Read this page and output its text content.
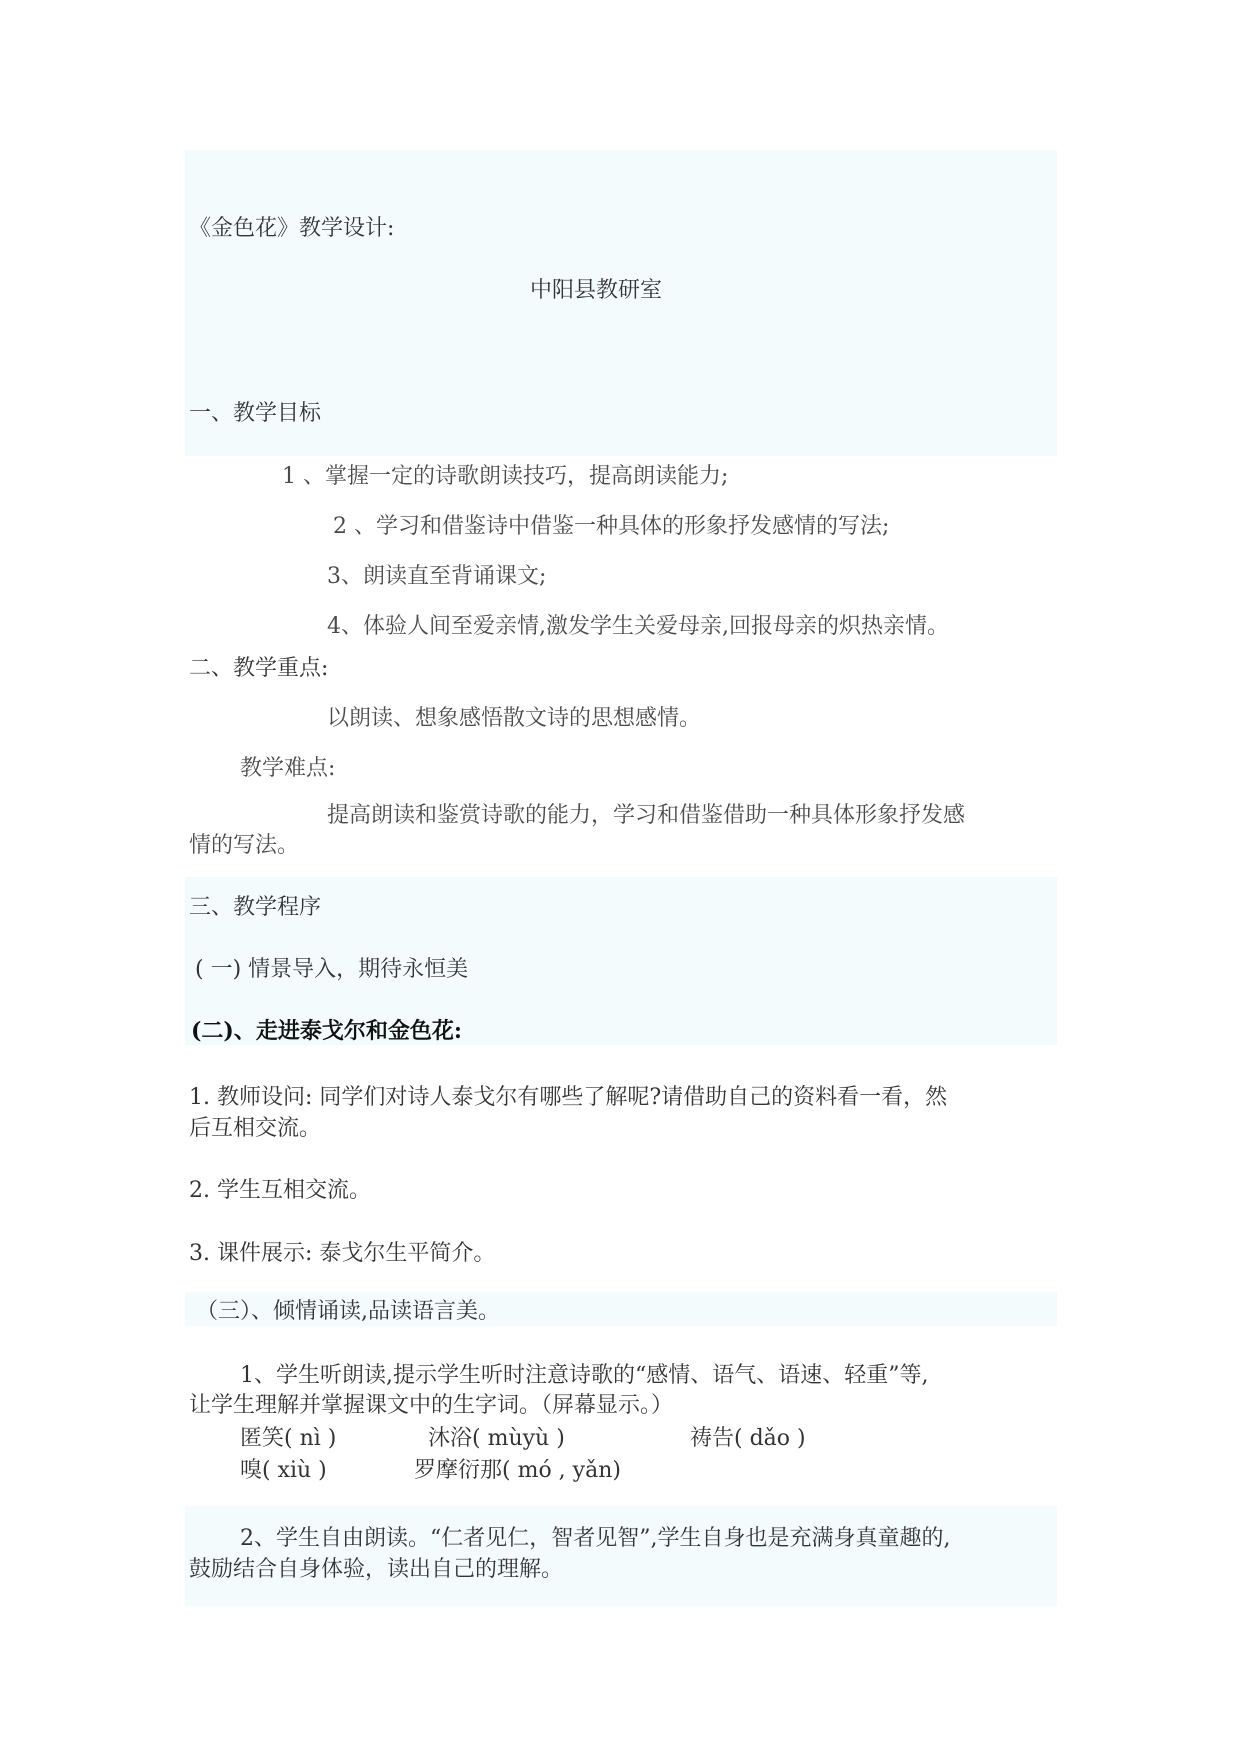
《金色花》教学设计:
中阳县教研室
一、教学目标
1 、掌握一定的诗歌朗读技巧，提高朗读能力;
2 、学习和借鉴诗中借鉴一种具体的形象抒发感情的写法;
3、朗读直至背诵课文;
4、体验人间至爱亲情,激发学生关爱母亲,回报母亲的炽热亲情。
二、教学重点:
以朗读、想象感悟散文诗的思想感情。
教学难点:
提高朗读和鉴赏诗歌的能力，学习和借鉴借助一种具体形象抒发感
情的写法。
三、教学程序
( 一) 情景导入，期待永恒美
(二)、走进泰戈尔和金色花:
1. 教师设问: 同学们对诗人泰戈尔有哪些了解呢?请借助自己的资料看一看，然
后互相交流。
2. 学生互相交流。
3. 课件展示: 泰戈尔生平简介。
（三）、倾情诵读,品读语言美。
1、学生听朗读,提示学生听时注意诗歌的“感情、语气、语速、轻重”等,
让学生理解并掌握课文中的生字词。（屏幕显示。）
匿笑( nì )	沐浴( mùyù )	祷告( dǎo )
嗅( xiù )	罗摩衍那( mó , yǎn)
2、学生自由朗读。“仁者见仁，智者见智”,学生自身也是充满身真童趣的,
鼓励结合自身体验，读出自己的理解。
